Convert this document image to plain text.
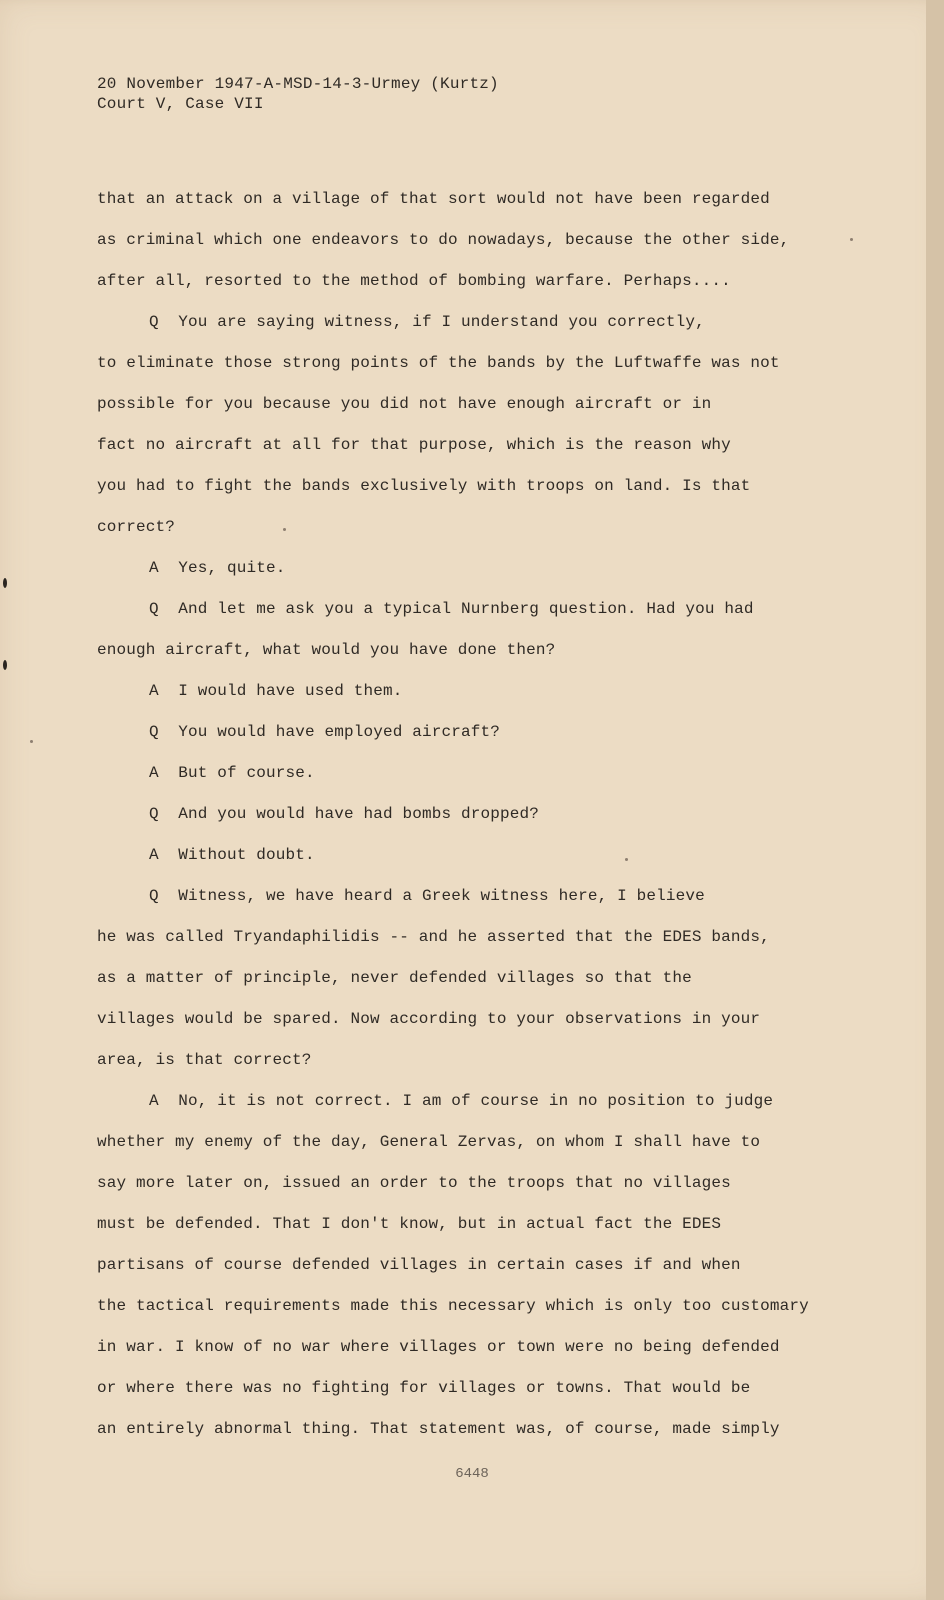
20 November 1947-A-MSD-14-3-Urmey (Kurtz)
Court V, Case VII
that an attack on a village of that sort would not have been regarded
as criminal which one endeavors to do nowadays, because the other side,
after all, resorted to the method of bombing warfare. Perhaps....
Q  You are saying witness, if I understand you correctly,
to eliminate those strong points of the bands by the Luftwaffe was not
possible for you because you did not have enough aircraft or in
fact no aircraft at all for that purpose, which is the reason why
you had to fight the bands exclusively with troops on land. Is that
correct?
A  Yes, quite.
Q  And let me ask you a typical Nurnberg question. Had you had
enough aircraft, what would you have done then?
A  I would have used them.
Q  You would have employed aircraft?
A  But of course.
Q  And you would have had bombs dropped?
A  Without doubt.
Q  Witness, we have heard a Greek witness here, I believe
he was called Tryandaphilidis -- and he asserted that the EDES bands,
as a matter of principle, never defended villages so that the
villages would be spared. Now according to your observations in your
area, is that correct?
A  No, it is not correct. I am of course in no position to judge
whether my enemy of the day, General Zervas, on whom I shall have to
say more later on, issued an order to the troops that no villages
must be defended. That I don't know, but in actual fact the EDES
partisans of course defended villages in certain cases if and when
the tactical requirements made this necessary which is only too customary
in war. I know of no war where villages or town were no being defended
or where there was no fighting for villages or towns. That would be
an entirely abnormal thing. That statement was, of course, made simply
6448
